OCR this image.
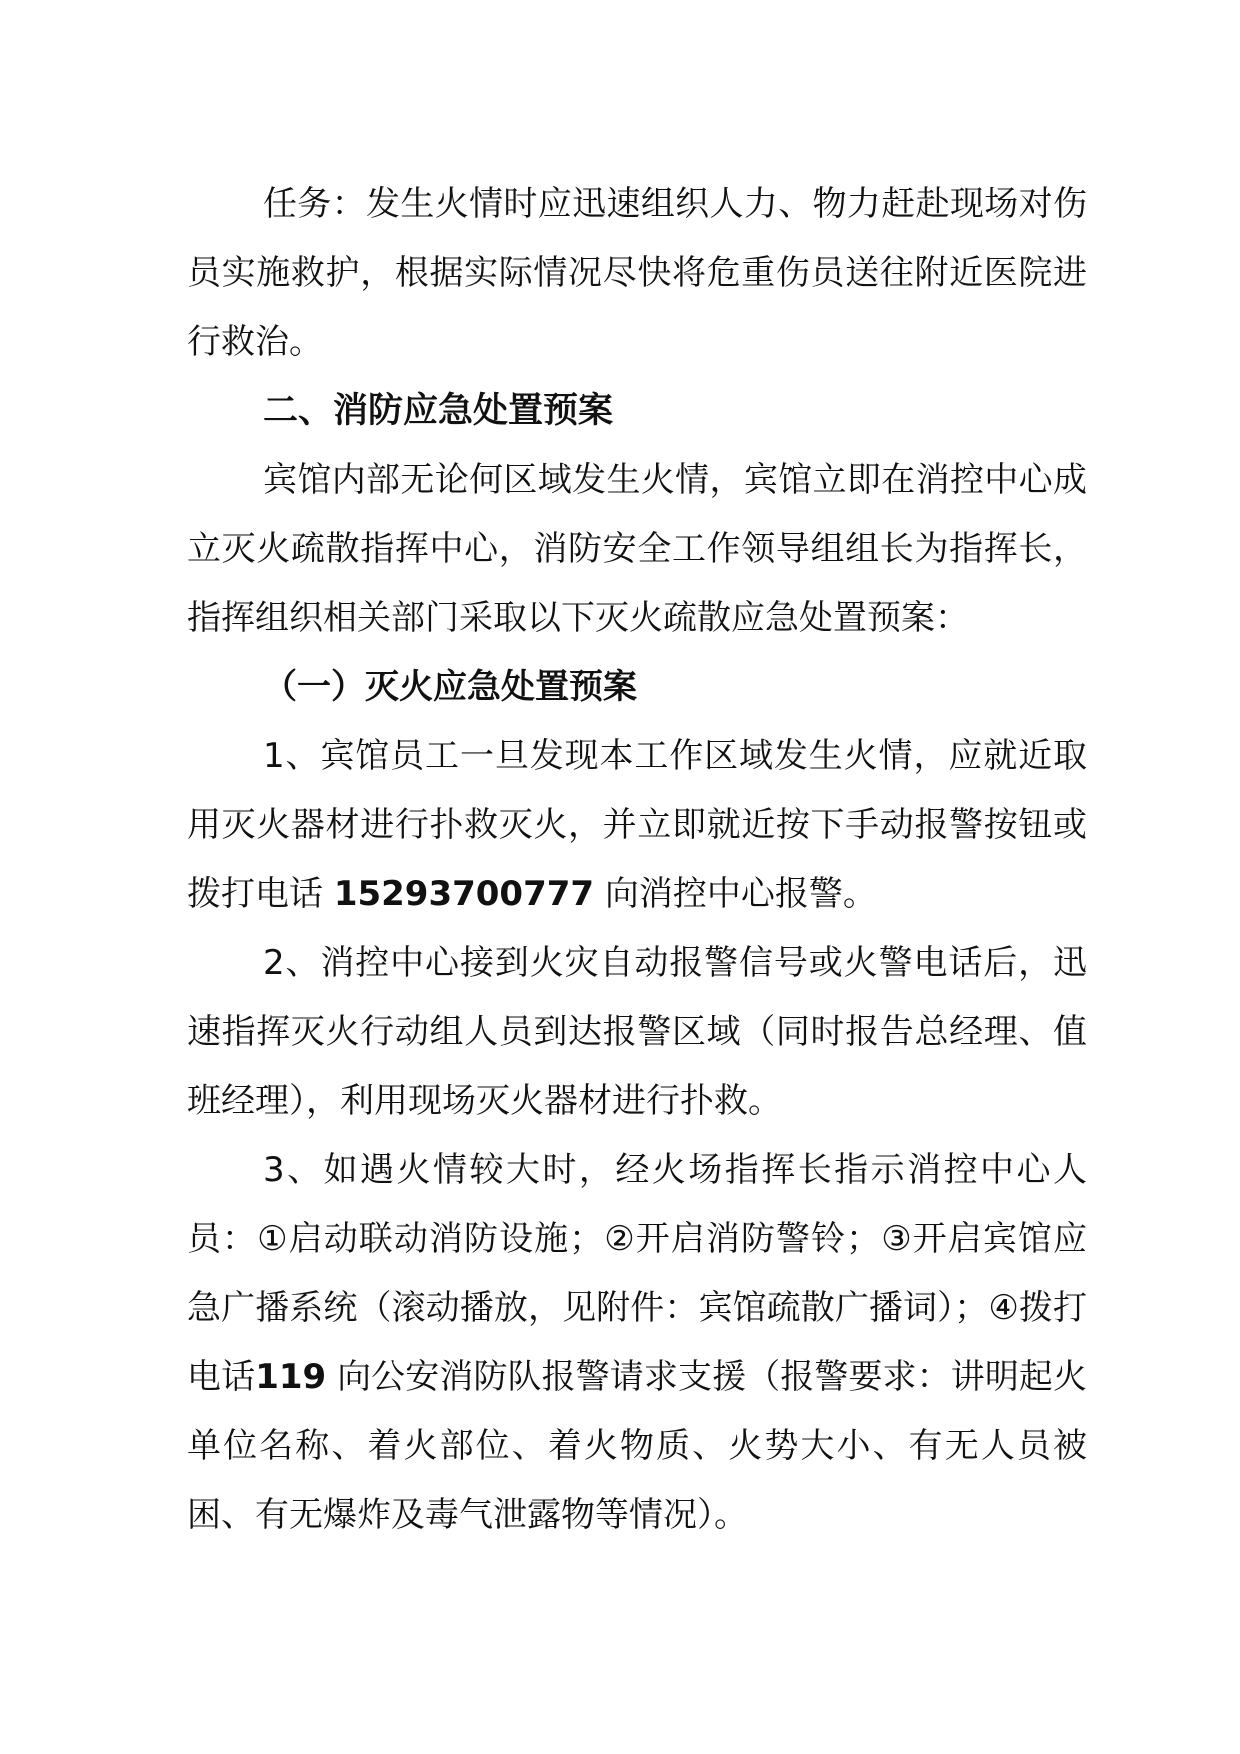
任务：发生火情时应迅速组织人力、物力赶赴现场对伤员实施救护，根据实际情况尽快将危重伤员送往附近医院进行救治。

二、消防应急处置预案

宾馆内部无论何区域发生火情，宾馆立即在消控中心成立灭火疏散指挥中心，消防安全工作领导组组长为指挥长，指挥组织相关部门采取以下灭火疏散应急处置预案：

（一）灭火应急处置预案

1、宾馆员工一旦发现本工作区域发生火情，应就近取用灭火器材进行扑救灭火，并立即就近按下手动报警按钮或拨打电话 15293700777 向消控中心报警。

2、消控中心接到火灾自动报警信号或火警电话后，迅速指挥灭火行动组人员到达报警区域（同时报告总经理、值班经理），利用现场灭火器材进行扑救。

3、如遇火情较大时，经火场指挥长指示消控中心人员：①启动联动消防设施；②开启消防警铃；③开启宾馆应急广播系统（滚动播放，见附件：宾馆疏散广播词）；④拨打电话119 向公安消防队报警请求支援（报警要求：讲明起火单位名称、着火部位、着火物质、火势大小、有无人员被困、有无爆炸及毒气泄露物等情况）。
